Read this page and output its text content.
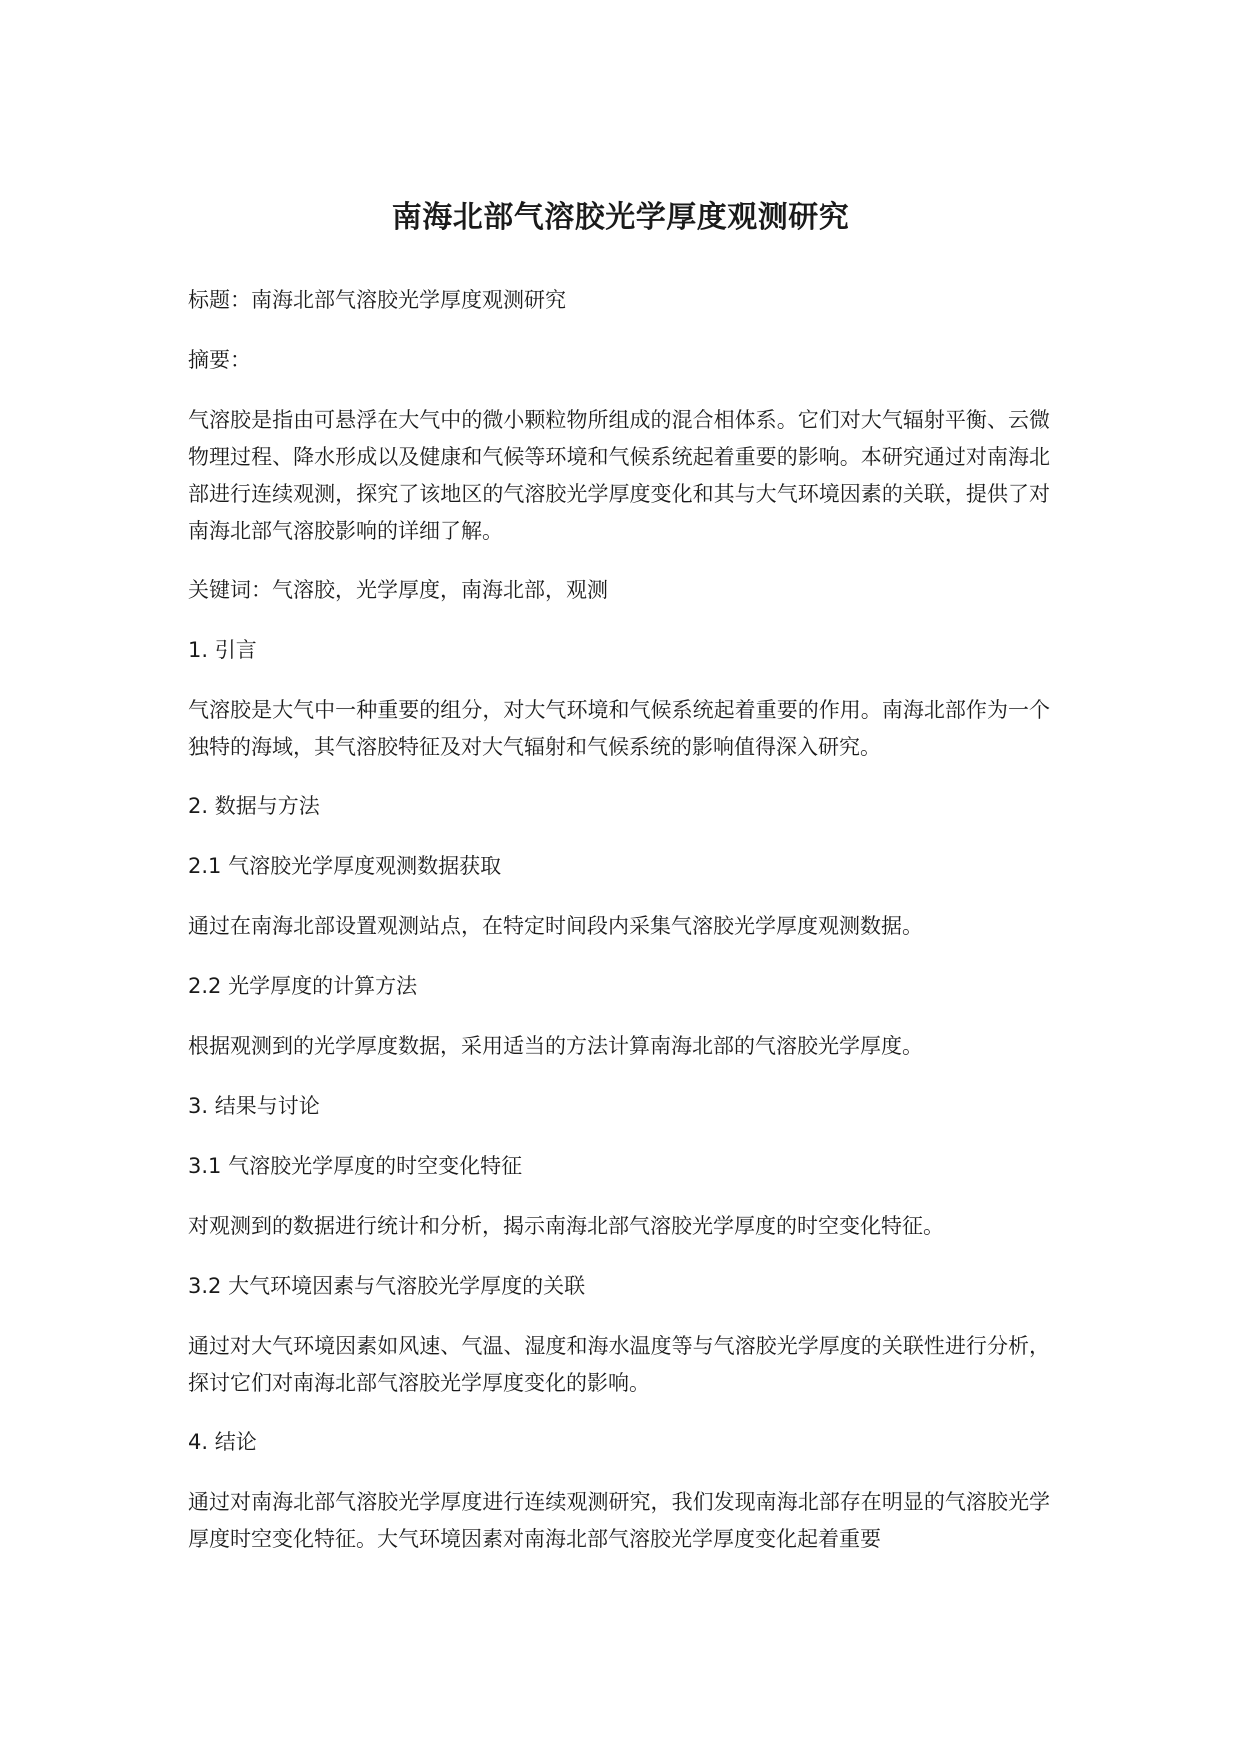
南海北部气溶胶光学厚度观测研究

标题：南海北部气溶胶光学厚度观测研究

摘要：

气溶胶是指由可悬浮在大气中的微小颗粒物所组成的混合相体系。它们对大气辐射平衡、云微物理过程、降水形成以及健康和气候等环境和气候系统起着重要的影响。本研究通过对南海北部进行连续观测，探究了该地区的气溶胶光学厚度变化和其与大气环境因素的关联，提供了对南海北部气溶胶影响的详细了解。

关键词：气溶胶，光学厚度，南海北部，观测

1. 引言

气溶胶是大气中一种重要的组分，对大气环境和气候系统起着重要的作用。南海北部作为一个独特的海域，其气溶胶特征及对大气辐射和气候系统的影响值得深入研究。

2. 数据与方法

2.1 气溶胶光学厚度观测数据获取

通过在南海北部设置观测站点，在特定时间段内采集气溶胶光学厚度观测数据。

2.2 光学厚度的计算方法

根据观测到的光学厚度数据，采用适当的方法计算南海北部的气溶胶光学厚度。

3. 结果与讨论

3.1 气溶胶光学厚度的时空变化特征

对观测到的数据进行统计和分析，揭示南海北部气溶胶光学厚度的时空变化特征。

3.2 大气环境因素与气溶胶光学厚度的关联

通过对大气环境因素如风速、气温、湿度和海水温度等与气溶胶光学厚度的关联性进行分析，探讨它们对南海北部气溶胶光学厚度变化的影响。

4. 结论

通过对南海北部气溶胶光学厚度进行连续观测研究，我们发现南海北部存在明显的气溶胶光学厚度时空变化特征。大气环境因素对南海北部气溶胶光学厚度变化起着重要
